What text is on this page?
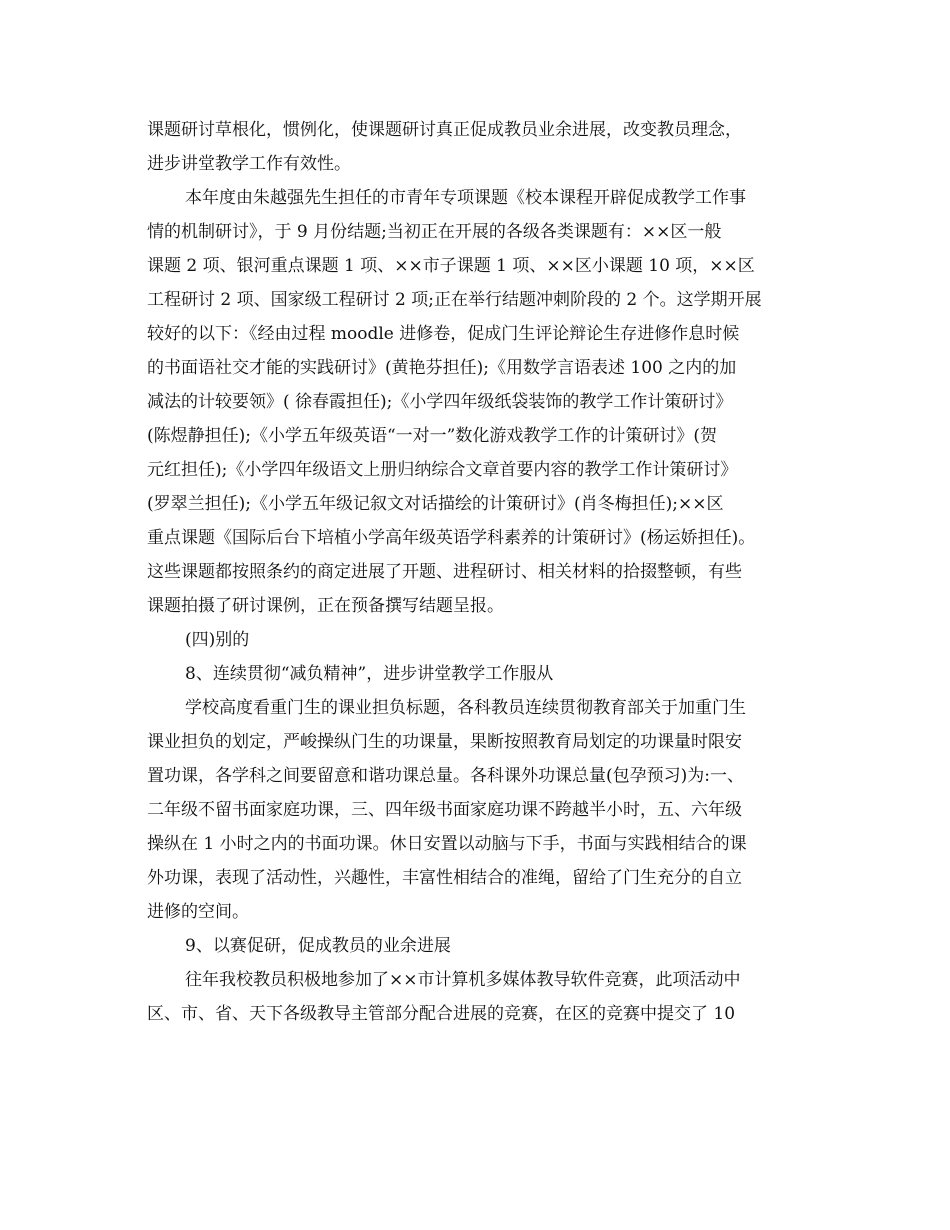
课题研讨草根化，惯例化，使课题研讨真正促成教员业余进展，改变教员理念，
进步讲堂教学工作有效性。
本年度由朱越强先生担任的市青年专项课题《校本课程开辟促成教学工作事
情的机制研讨》，于 9 月份结题;当初正在开展的各级各类课题有：××区一般
课题 2 项、银河重点课题 1 项、××市子课题 1 项、××区小课题 10 项，××区
工程研讨 2 项、国家级工程研讨 2 项;正在举行结题冲刺阶段的 2 个。这学期开展
较好的以下：《经由过程 moodle 进修卷，促成门生评论辩论生存进修作息时候
的书面语社交才能的实践研讨》(黄艳芬担任);《用数学言语表述 100 之内的加
减法的计较要领》( 徐春霞担任);《小学四年级纸袋装饰的教学工作计策研讨》
(陈煜静担任);《小学五年级英语“一对一”数化游戏教学工作的计策研讨》(贺
元红担任);《小学四年级语文上册归纳综合文章首要内容的教学工作计策研讨》
(罗翠兰担任);《小学五年级记叙文对话描绘的计策研讨》(肖冬梅担任);××区
重点课题《国际后台下培植小学高年级英语学科素养的计策研讨》(杨运娇担任)。
这些课题都按照条约的商定进展了开题、进程研讨、相关材料的拾掇整顿，有些
课题拍摄了研讨课例，正在预备撰写结题呈报。
(四)别的
8、连续贯彻“减负精神”，进步讲堂教学工作服从
学校高度看重门生的课业担负标题，各科教员连续贯彻教育部关于加重门生
课业担负的划定，严峻操纵门生的功课量，果断按照教育局划定的功课量时限安
置功课，各学科之间要留意和谐功课总量。各科课外功课总量(包孕预习)为:一、
二年级不留书面家庭功课，三、四年级书面家庭功课不跨越半小时，五、六年级
操纵在 1 小时之内的书面功课。休日安置以动脑与下手，书面与实践相结合的课
外功课，表现了活动性，兴趣性，丰富性相结合的准绳，留给了门生充分的自立
进修的空间。
9、以赛促研，促成教员的业余进展
往年我校教员积极地参加了××市计算机多媒体教导软件竞赛，此项活动中
区、市、省、天下各级教导主管部分配合进展的竞赛，在区的竞赛中提交了 10
